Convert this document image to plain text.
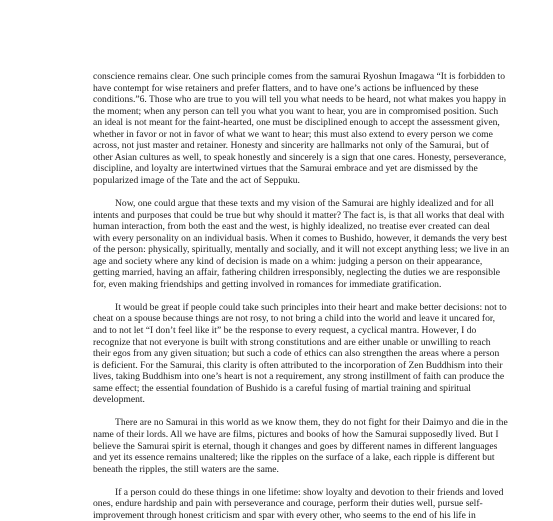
conscience remains clear. One such principle comes from the samurai Ryoshun Imagawa “It is forbidden to
have contempt for wise retainers and prefer flatters, and to have one’s actions be influenced by these
conditions.”6. Those who are true to you will tell you what needs to be heard, not what makes you happy in
the moment; when any person can tell you what you want to hear, you are in compromised position. Such
an ideal is not meant for the faint-hearted, one must be disciplined enough to accept the assessment given,
whether in favor or not in favor of what we want to hear; this must also extend to every person we come
across, not just master and retainer. Honesty and sincerity are hallmarks not only of the Samurai, but of
other Asian cultures as well, to speak honestly and sincerely is a sign that one cares. Honesty, perseverance,
discipline, and loyalty are intertwined virtues that the Samurai embrace and yet are dismissed by the
popularized image of the Tate and the act of Seppuku.
Now, one could argue that these texts and my vision of the Samurai are highly idealized and for all
intents and purposes that could be true but why should it matter? The fact is, is that all works that deal with
human interaction, from both the east and the west, is highly idealized, no treatise ever created can deal
with every personality on an individual basis. When it comes to Bushido, however, it demands the very best
of the person: physically, spiritually, mentally and socially, and it will not except anything less; we live in an
age and society where any kind of decision is made on a whim: judging a person on their appearance,
getting married, having an affair, fathering children irresponsibly, neglecting the duties we are responsible
for, even making friendships and getting involved in romances for immediate gratification.
It would be great if people could take such principles into their heart and make better decisions: not to
cheat on a spouse because things are not rosy, to not bring a child into the world and leave it uncared for,
and to not let “I don’t feel like it” be the response to every request, a cyclical mantra. However, I do
recognize that not everyone is built with strong constitutions and are either unable or unwilling to reach
their egos from any given situation; but such a code of ethics can also strengthen the areas where a person
is deficient. For the Samurai, this clarity is often attributed to the incorporation of Zen Buddhism into their
lives, taking Buddhism into one’s heart is not a requirement, any strong instillment of faith can produce the
same effect; the essential foundation of Bushido is a careful fusing of martial training and spiritual
development.
There are no Samurai in this world as we know them, they do not fight for their Daimyo and die in the
name of their lords. All we have are films, pictures and books of how the Samurai supposedly lived. But I
believe the Samurai spirit is eternal, though it changes and goes by different names in different languages
and yet its essence remains unaltered; like the ripples on the surface of a lake, each ripple is different but
beneath the ripples, the still waters are the same.
If a person could do these things in one lifetime: show loyalty and devotion to their friends and loved
ones, endure hardship and pain with perseverance and courage, perform their duties well, pursue self-
improvement through honest criticism and spar with every other, who seems to the end of his life in
